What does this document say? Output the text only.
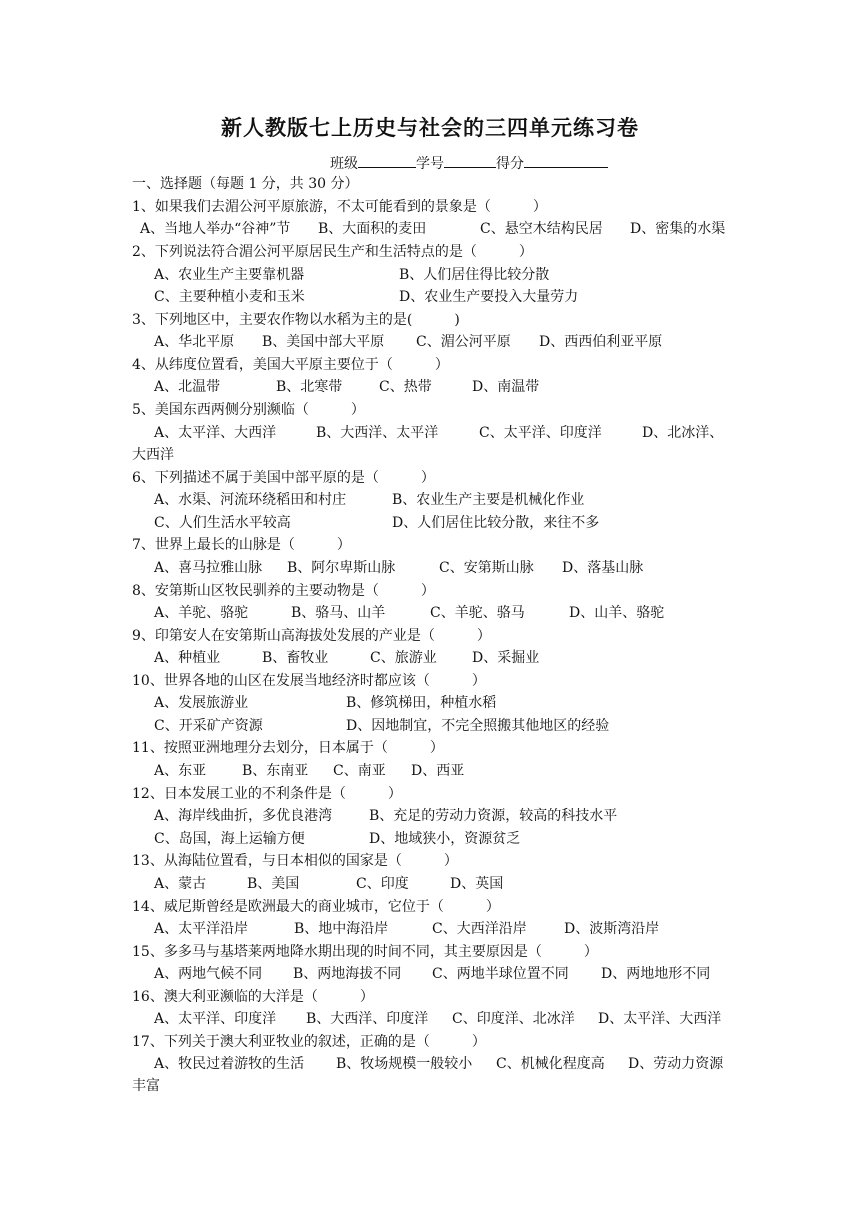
新人教版七上历史与社会的三四单元练习卷
班级	学号	得分
一、选择题（每题 1 分，共 30 分）
1、如果我们去湄公河平原旅游，不太可能看到的景象是（　　　）
A、当地人举办“谷神”节 B、大面积的麦田	C、悬空木结构民居 D、密集的水渠
2、下列说法符合湄公河平原居民生产和生活特点的是（　　　）
A、农业生产主要靠机器	B、人们居住得比较分散
C、主要种植小麦和玉米	D、农业生产要投入大量劳力
3、下列地区中，主要农作物以水稻为主的是(　　　)
A、华北平原 B、美国中部大平原 C、湄公河平原 D、西西伯利亚平原
4、从纬度位置看，美国大平原主要位于（　　　）
A、北温带	B、北寒带	C、热带	D、南温带
5、美国东西两侧分别濒临（　　　）
A、太平洋、大西洋	B、大西洋、太平洋	C、太平洋、印度洋	D、北冰洋、
大西洋
6、下列描述不属于美国中部平原的是（　　　）
A、水渠、河流环绕稻田和村庄	B、农业生产主要是机械化作业
C、人们生活水平较高	D、人们居住比较分散，来往不多
7、世界上最长的山脉是（　　　）
A、喜马拉雅山脉 B、阿尔卑斯山脉	C、安第斯山脉 D、落基山脉
8、安第斯山区牧民驯养的主要动物是（　　　）
A、羊驼、骆驼	B、骆马、山羊	C、羊驼、骆马	D、山羊、骆驼
9、印第安人在安第斯山高海拔处发展的产业是（　　　）
A、种植业	B、畜牧业	C、旅游业	D、采掘业
10、世界各地的山区在发展当地经济时都应该（　　　）
A、发展旅游业	B、修筑梯田，种植水稻
C、开采矿产资源	D、因地制宜，不完全照搬其他地区的经验
11、按照亚洲地理分去划分，日本属于（　　　）
A、东亚	B、东南亚 C、南亚 D、西亚
12、日本发展工业的不利条件是（　　　）
A、海岸线曲折，多优良港湾	B、充足的劳动力资源，较高的科技水平
C、岛国，海上运输方便	D、地域狭小，资源贫乏
13、从海陆位置看，与日本相似的国家是（　　　）
A、蒙古	B、美国	C、印度	D、英国
14、威尼斯曾经是欧洲最大的商业城市，它位于（　　　）
A、太平洋沿岸	B、地中海沿岸	C、大西洋沿岸	D、波斯湾沿岸
15、多多马与基塔莱两地降水期出现的时间不同，其主要原因是（　　　）
A、两地气候不同 B、两地海拔不同 C、两地半球位置不同 D、两地地形不同
16、澳大利亚濒临的大洋是（　　　）
A、太平洋、印度洋 B、大西洋、印度洋 C、印度洋、北冰洋 D、太平洋、大西洋
17、下列关于澳大利亚牧业的叙述，正确的是（　　　）
A、牧民过着游牧的生活 B、牧场规模一般较小 C、机械化程度高 D、劳动力资源
丰富
